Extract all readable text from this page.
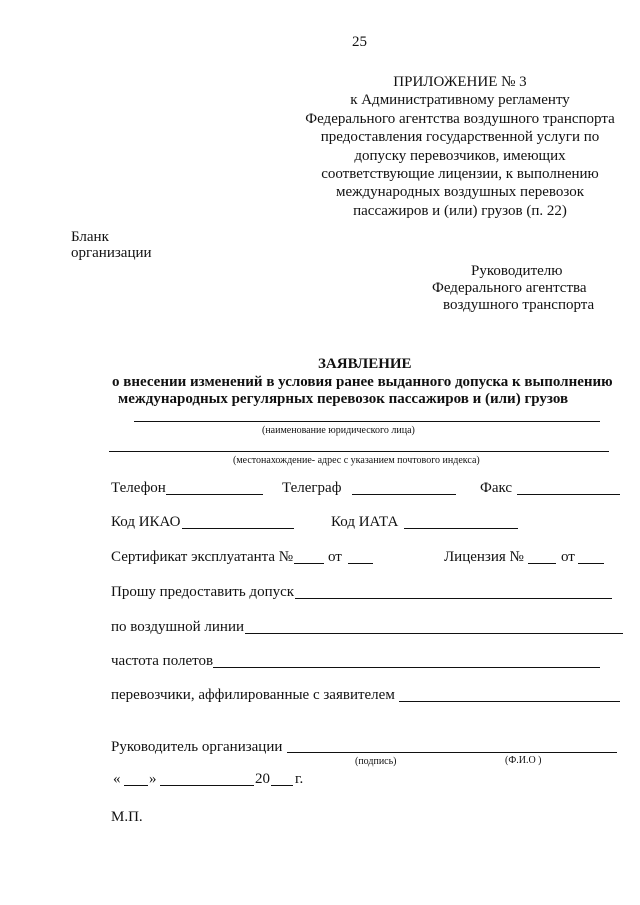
25
ПРИЛОЖЕНИЕ № 3
к Административному регламенту
Федерального агентства воздушного транспорта
предоставления государственной услуги по
допуску перевозчиков, имеющих
соответствующие лицензии, к выполнению
международных воздушных перевозок
пассажиров и (или) грузов (п. 22)
Бланк
организации
Руководителю
Федерального агентства
воздушного транспорта
ЗАЯВЛЕНИЕ
о внесении изменений в условия ранее выданного допуска к выполнению
международных регулярных перевозок пассажиров и (или) грузов
(наименование юридического лица)
(местонахождение- адрес с указанием почтового индекса)
Телефон	Телеграф	Факс
Код ИКАО	Код ИАТА
Сертификат эксплуатанта № от	Лицензия № от
Прошу предоставить допуск
по воздушной линии
частота полетов
перевозчики, аффилированные с заявителем
Руководитель организации
(подпись)	(Ф.И.О )
« »	20 г.
М.П.
